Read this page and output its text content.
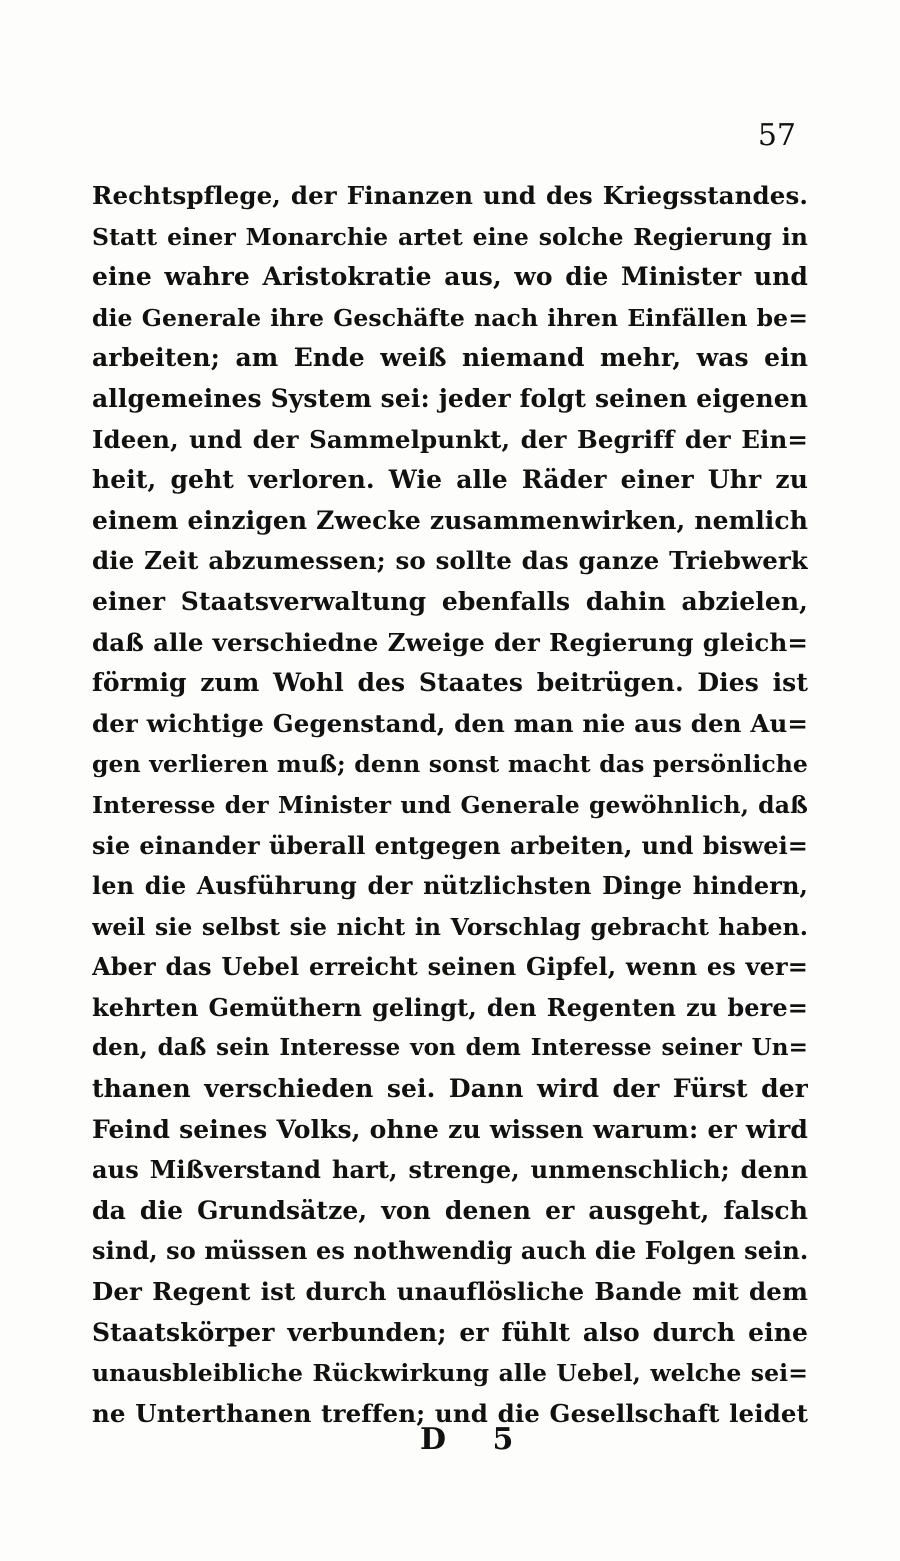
57
Rechtspflege, der Finanzen und des Kriegsstandes.
Statt einer Monarchie artet eine solche Regierung in
eine wahre Aristokratie aus, wo die Minister und
die Generale ihre Geschäfte nach ihren Einfällen be=
arbeiten; am Ende weiß niemand mehr, was ein
allgemeines System sei: jeder folgt seinen eigenen
Ideen, und der Sammelpunkt, der Begriff der Ein=
heit, geht verloren. Wie alle Räder einer Uhr zu
einem einzigen Zwecke zusammenwirken, nemlich
die Zeit abzumessen; so sollte das ganze Triebwerk
einer Staatsverwaltung ebenfalls dahin abzielen,
daß alle verschiedne Zweige der Regierung gleich=
förmig zum Wohl des Staates beitrügen. Dies ist
der wichtige Gegenstand, den man nie aus den Au=
gen verlieren muß; denn sonst macht das persönliche
Interesse der Minister und Generale gewöhnlich, daß
sie einander überall entgegen arbeiten, und biswei=
len die Ausführung der nützlichsten Dinge hindern,
weil sie selbst sie nicht in Vorschlag gebracht haben.
Aber das Uebel erreicht seinen Gipfel, wenn es ver=
kehrten Gemüthern gelingt, den Regenten zu bere=
den, daß sein Interesse von dem Interesse seiner Un=
thanen verschieden sei. Dann wird der Fürst der
Feind seines Volks, ohne zu wissen warum: er wird
aus Mißverstand hart, strenge, unmenschlich; denn
da die Grundsätze, von denen er ausgeht, falsch
sind, so müssen es nothwendig auch die Folgen sein.
Der Regent ist durch unauflösliche Bande mit dem
Staatskörper verbunden; er fühlt also durch eine
unausbleibliche Rückwirkung alle Uebel, welche sei=
ne Unterthanen treffen; und die Gesellschaft leidet
D 5
